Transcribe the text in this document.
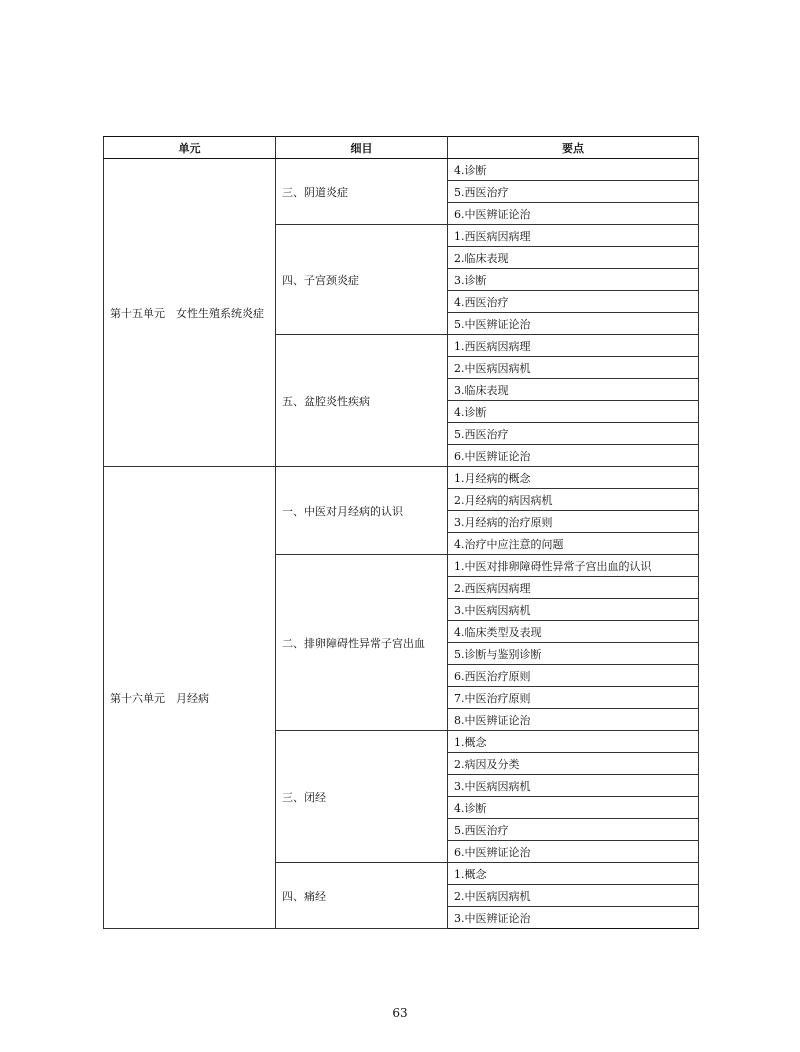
单元	细目	要点
第十五单元　女性生殖系统炎症	三、阴道炎症	4.诊断
		5.西医治疗
		6.中医辨证论治
	四、子宫颈炎症	1.西医病因病理
		2.临床表现
		3.诊断
		4.西医治疗
		5.中医辨证论治
	五、盆腔炎性疾病	1.西医病因病理
		2.中医病因病机
		3.临床表现
		4.诊断
		5.西医治疗
		6.中医辨证论治
第十六单元　月经病	一、中医对月经病的认识	1.月经病的概念
		2.月经病的病因病机
		3.月经病的治疗原则
		4.治疗中应注意的问题
	二、排卵障碍性异常子宫出血	1.中医对排卵障碍性异常子宫出血的认识
		2.西医病因病理
		3.中医病因病机
		4.临床类型及表现
		5.诊断与鉴别诊断
		6.西医治疗原则
		7.中医治疗原则
		8.中医辨证论治
	三、闭经	1.概念
		2.病因及分类
		3.中医病因病机
		4.诊断
		5.西医治疗
		6.中医辨证论治
	四、痛经	1.概念
		2.中医病因病机
		3.中医辨证论治
63
